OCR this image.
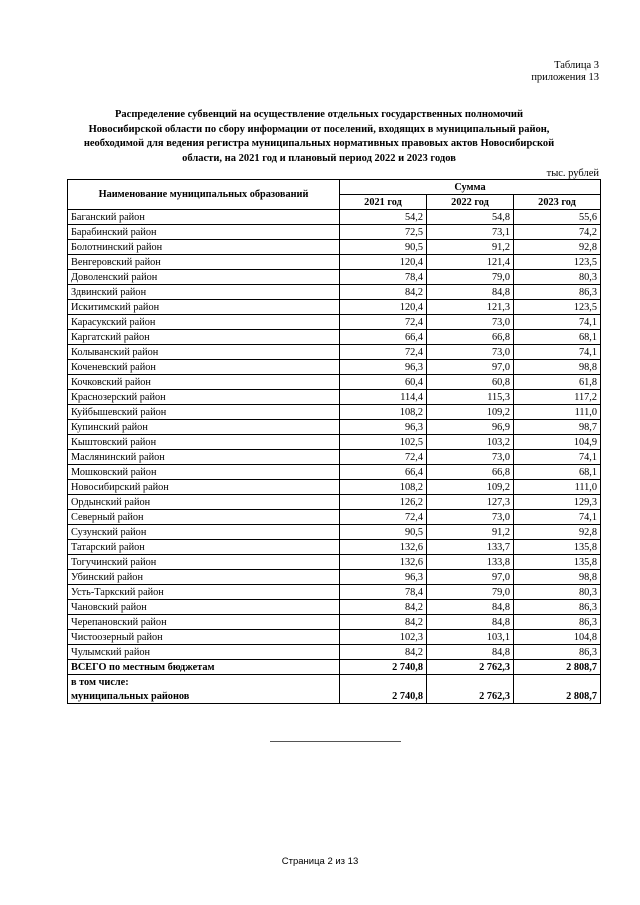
Таблица 3
приложения 13
Распределение субвенций на осуществление отдельных государственных полномочий Новосибирской области по сбору информации от поселений, входящих в муниципальный район, необходимой для ведения регистра муниципальных нормативных правовых актов Новосибирской области, на 2021 год и плановый период 2022 и 2023 годов
тыс. рублей
Наименование муниципальных образований	Сумма		
	2021 год	2022 год	2023 год
Баганский район	54,2	54,8	55,6
Барабинский район	72,5	73,1	74,2
Болотнинский район	90,5	91,2	92,8
Венгеровский район	120,4	121,4	123,5
Доволенский район	78,4	79,0	80,3
Здвинский район	84,2	84,8	86,3
Искитимский район	120,4	121,3	123,5
Карасукский район	72,4	73,0	74,1
Каргатский район	66,4	66,8	68,1
Колыванский район	72,4	73,0	74,1
Коченевский район	96,3	97,0	98,8
Кочковский район	60,4	60,8	61,8
Краснозерский район	114,4	115,3	117,2
Куйбышевский район	108,2	109,2	111,0
Купинский район	96,3	96,9	98,7
Кыштовский район	102,5	103,2	104,9
Маслянинский район	72,4	73,0	74,1
Мошковский район	66,4	66,8	68,1
Новосибирский район	108,2	109,2	111,0
Ордынский район	126,2	127,3	129,3
Северный район	72,4	73,0	74,1
Сузунский район	90,5	91,2	92,8
Татарский район	132,6	133,7	135,8
Тогучинский район	132,6	133,8	135,8
Убинский район	96,3	97,0	98,8
Усть-Таркский район	78,4	79,0	80,3
Чановский район	84,2	84,8	86,3
Черепановский район	84,2	84,8	86,3
Чистоозерный район	102,3	103,1	104,8
Чулымский район	84,2	84,8	86,3
ВСЕГО по местным бюджетам	2 740,8	2 762,3	2 808,7
в том числе:			
муниципальных районов	2 740,8	2 762,3	2 808,7
Страница 2 из 13
